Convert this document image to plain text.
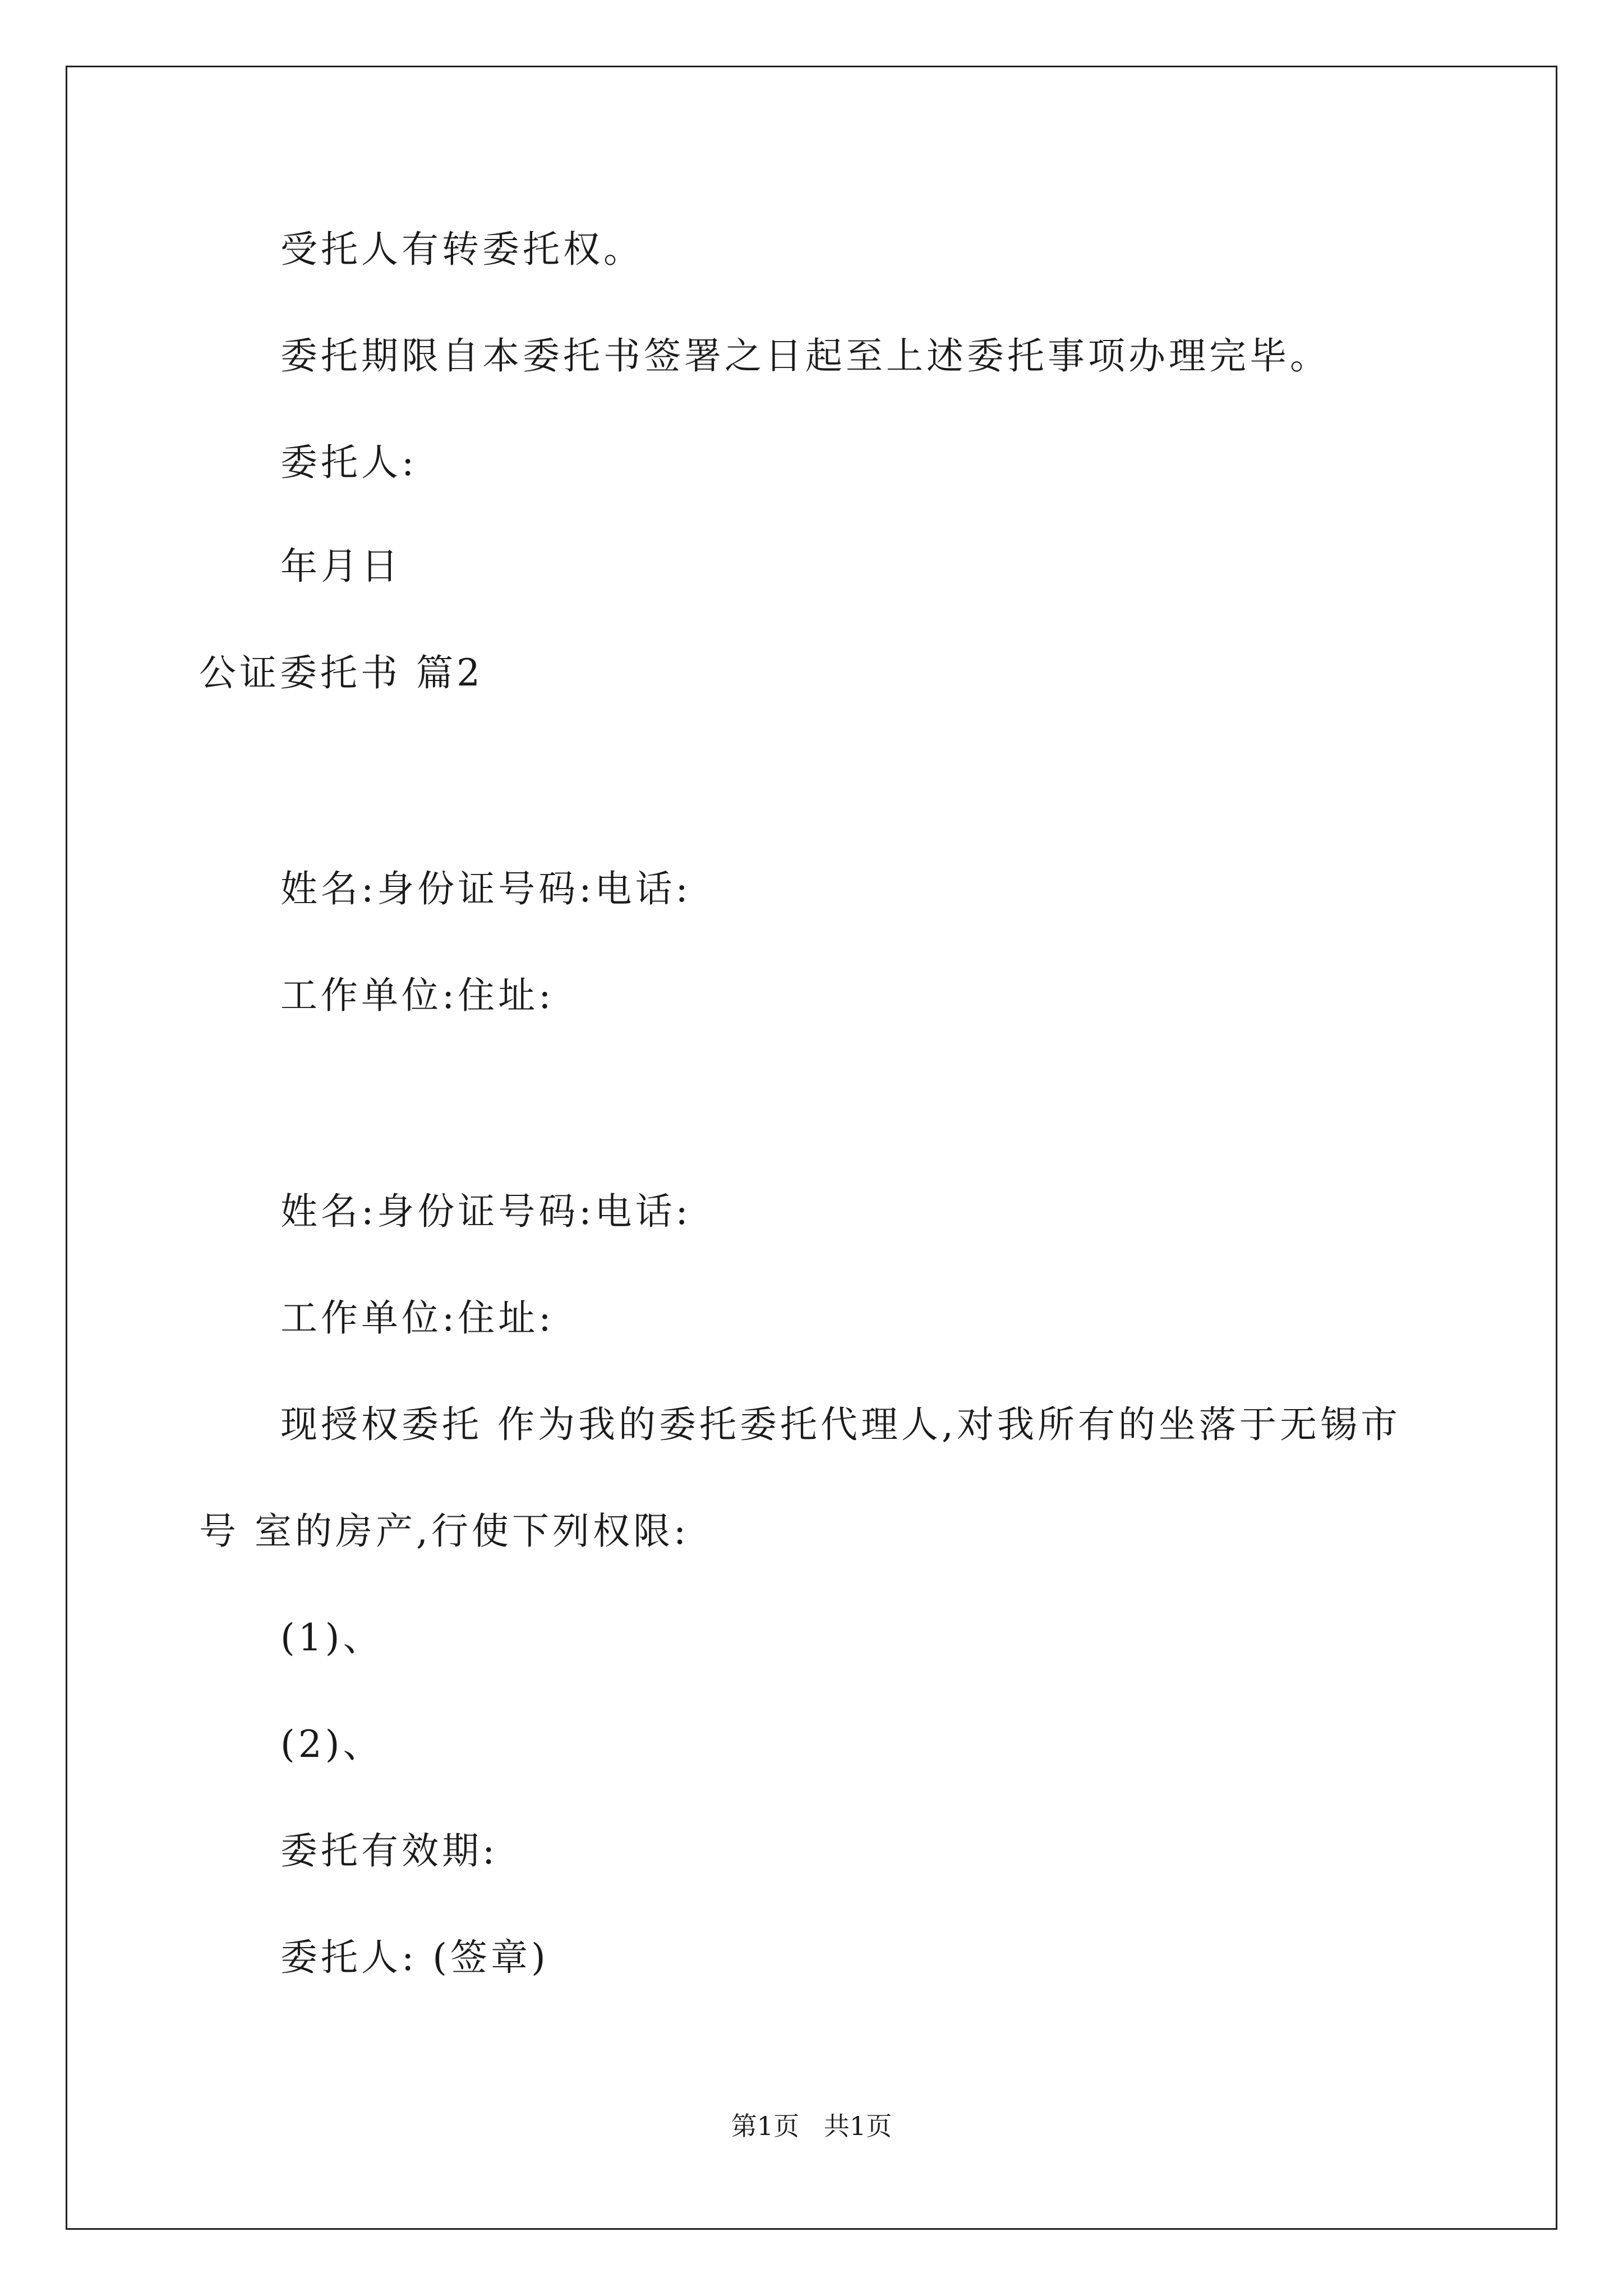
受托人有转委托权。
委托期限自本委托书签署之日起至上述委托事项办理完毕。
委托人:
年月日
公证委托书 篇2
姓名:身份证号码:电话:
工作单位:住址:
姓名:身份证号码:电话:
工作单位:住址:
现授权委托 作为我的委托委托代理人,对我所有的坐落于无锡市
号 室的房产,行使下列权限:
(1)、
(2)、
委托有效期:
委托人: (签章)
第1页   共1页
